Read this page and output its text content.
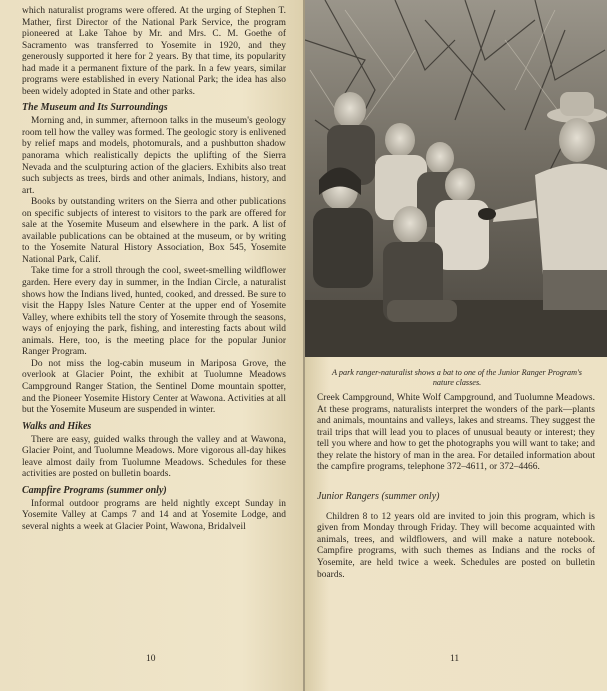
which naturalist programs were offered. At the urging of Stephen T. Mather, first Director of the National Park Service, the program pioneered at Lake Tahoe by Mr. and Mrs. C. M. Goethe of Sacramento was transferred to Yosemite in 1920, and they generously supported it here for 2 years. By that time, its popularity had made it a permanent fixture of the park. In a few years, similar programs were established in every National Park; the idea has also been widely adopted in State and other parks.

The Museum and Its Surroundings

Morning and, in summer, afternoon talks in the museum's geology room tell how the valley was formed. The geologic story is enlivened by relief maps and models, photomurals, and a pushbutton shadow panorama which realistically depicts the uplifting of the Sierra Nevada and the sculpturing action of the glaciers. Exhibits also treat such subjects as trees, birds and other animals, Indians, history, and art.

Books by outstanding writers on the Sierra and other publications on specific subjects of interest to visitors to the park are offered for sale at the Yosemite Museum and elsewhere in the park. A list of available publications can be obtained at the museum, or by writing to the Yosemite Natural History Association, Box 545, Yosemite National Park, Calif.

Take time for a stroll through the cool, sweet-smelling wildflower garden. Here every day in summer, in the Indian Circle, a naturalist shows how the Indians lived, hunted, cooked, and dressed. Be sure to visit the Happy Isles Nature Center at the upper end of Yosemite Valley, where exhibits tell the story of Yosemite through the seasons, ways of enjoying the park, fishing, and interesting facts about wild animals. Here, too, is the meeting place for the popular Junior Ranger Program.

Do not miss the log-cabin museum in Mariposa Grove, the overlook at Glacier Point, the exhibit at Tuolumne Meadows Campground Ranger Station, the Sentinel Dome mountain spotter, and the Pioneer Yosemite History Center at Wawona. Activities at all but the Yosemite Museum are suspended in winter.

Walks and Hikes

There are easy, guided walks through the valley and at Wawona, Glacier Point, and Tuolumne Meadows. More vigorous all-day hikes leave almost daily from Tuolumne Meadows. Schedules for these activities are posted on bulletin boards.

Campfire Programs (summer only)

Informal outdoor programs are held nightly except Sunday in Yosemite Valley at Camps 7 and 14 and at Yosemite Lodge, and several nights a week at Glacier Point, Wawona, Bridalveil

10
A park ranger-naturalist shows a bat to one of the Junior Ranger Program's nature classes.

Creek Campground, White Wolf Campground, and Tuolumne Meadows. At these programs, naturalists interpret the wonders of the park—plants and animals, mountains and valleys, lakes and streams. They suggest the trail trips that will lead you to places of unusual beauty or interest; they tell you where and how to get the photographs you will want to take; and they relate the history of man in the area. For detailed information about the campfire programs, telephone 372–4611, or 372–4466.

Junior Rangers (summer only)

Children 8 to 12 years old are invited to join this program, which is given from Monday through Friday. They will become acquainted with animals, trees, and wildflowers, and will make a nature notebook. Campfire programs, with such themes as Indians and the rocks of Yosemite, are held twice a week. Schedules are posted on bulletin boards.

11
